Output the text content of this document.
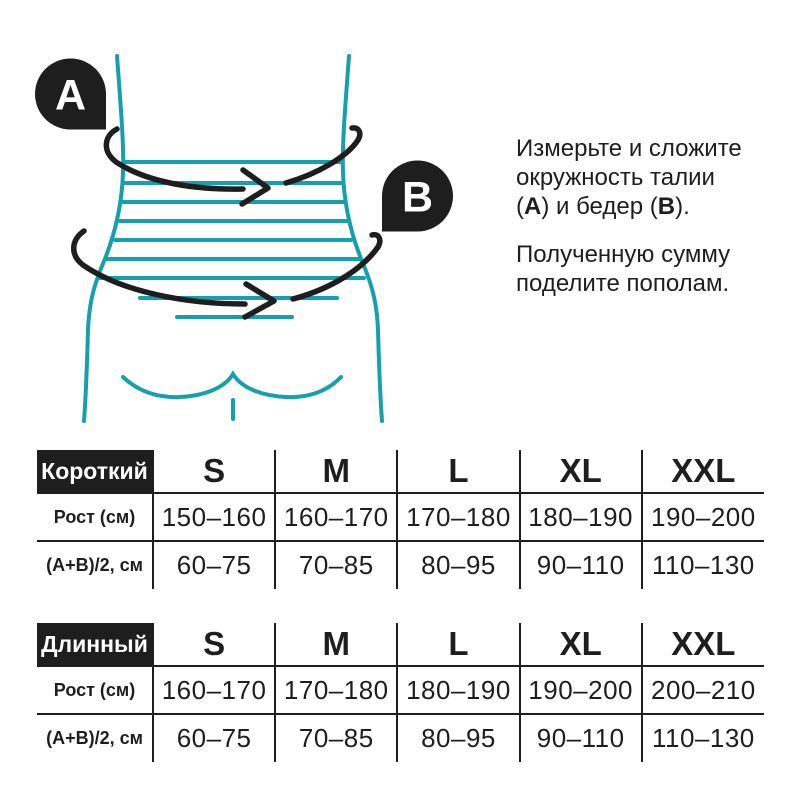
А
В
Измерьте и сложите
окружность талии
(А) и бедер (В).
Полученную сумму
поделите пополам.
Короткий	S	M	L	XL	XXL
Рост (см)	150–160	160–170	170–180	180–190	190–200
(А+В)/2, см	60–75	70–85	80–95	90–110	110–130
Длинный	S	M	L	XL	XXL
Рост (см)	160–170	170–180	180–190	190–200	200–210
(А+В)/2, см	60–75	70–85	80–95	90–110	110–130
